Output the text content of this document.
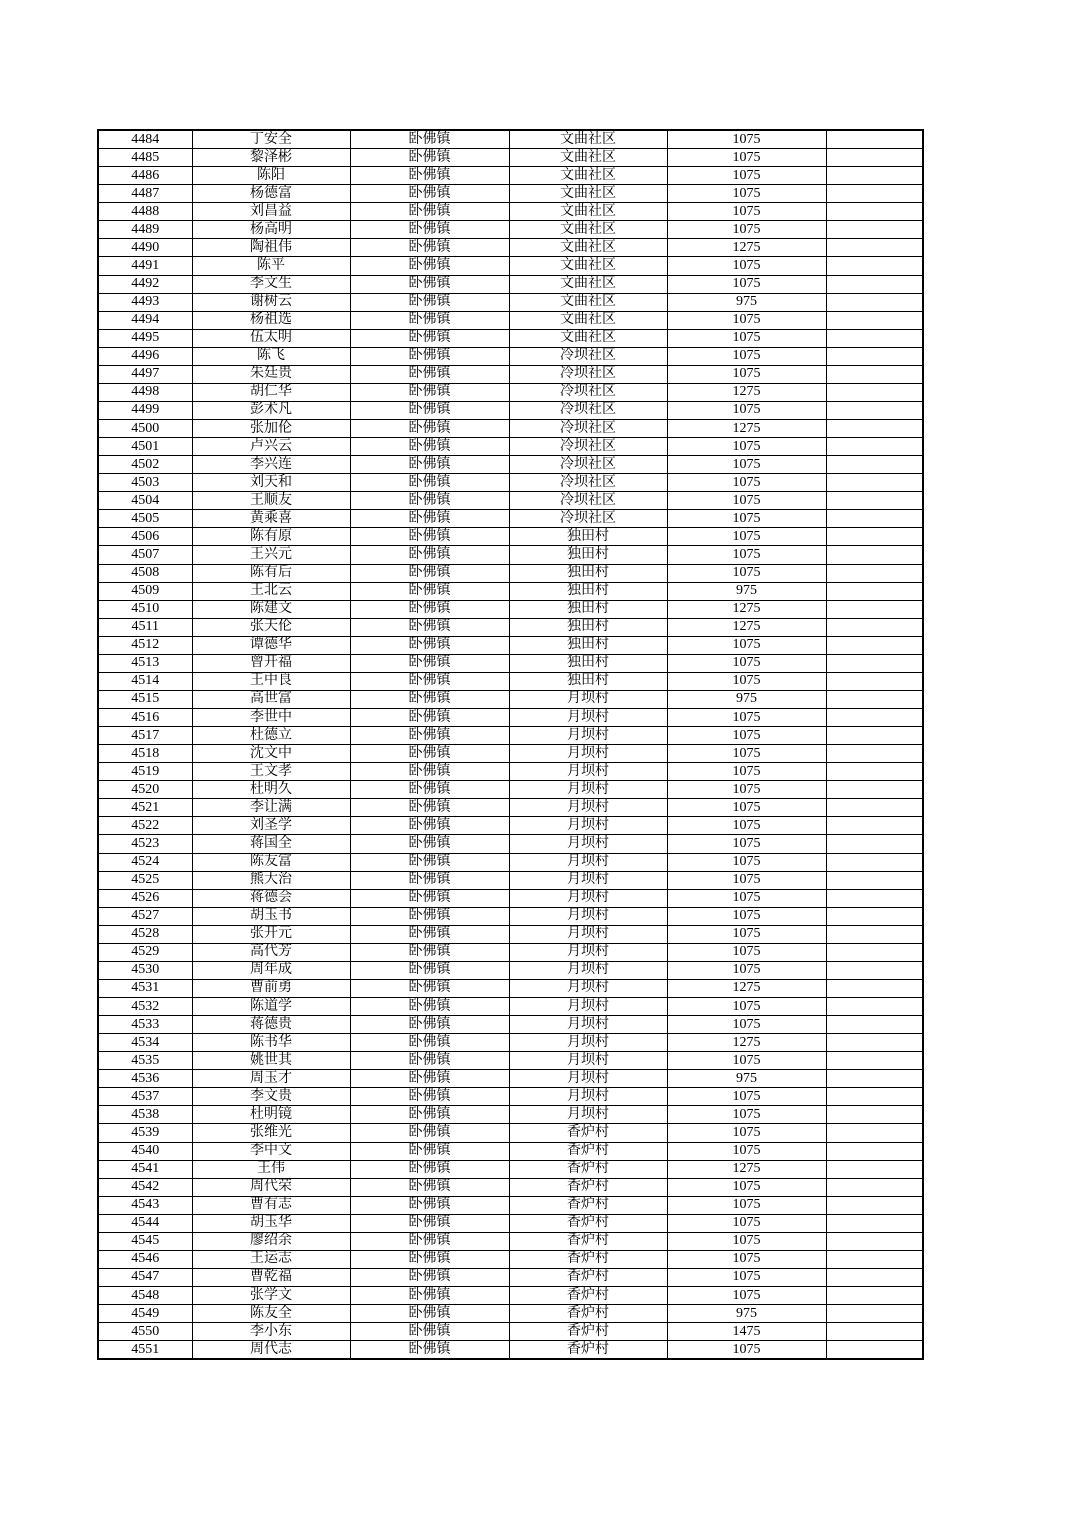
4484	丁安全	卧佛镇	文曲社区	1075	
4485	黎泽彬	卧佛镇	文曲社区	1075	
4486	陈阳	卧佛镇	文曲社区	1075	
4487	杨德富	卧佛镇	文曲社区	1075	
4488	刘昌益	卧佛镇	文曲社区	1075	
4489	杨高明	卧佛镇	文曲社区	1075	
4490	陶祖伟	卧佛镇	文曲社区	1275	
4491	陈平	卧佛镇	文曲社区	1075	
4492	李文生	卧佛镇	文曲社区	1075	
4493	谢树云	卧佛镇	文曲社区	975	
4494	杨祖选	卧佛镇	文曲社区	1075	
4495	伍太明	卧佛镇	文曲社区	1075	
4496	陈飞	卧佛镇	冷坝社区	1075	
4497	朱廷贵	卧佛镇	冷坝社区	1075	
4498	胡仁华	卧佛镇	冷坝社区	1275	
4499	彭术凡	卧佛镇	冷坝社区	1075	
4500	张加伦	卧佛镇	冷坝社区	1275	
4501	卢兴云	卧佛镇	冷坝社区	1075	
4502	李兴连	卧佛镇	冷坝社区	1075	
4503	刘天和	卧佛镇	冷坝社区	1075	
4504	王顺友	卧佛镇	冷坝社区	1075	
4505	黄乘喜	卧佛镇	冷坝社区	1075	
4506	陈有原	卧佛镇	独田村	1075	
4507	王兴元	卧佛镇	独田村	1075	
4508	陈有后	卧佛镇	独田村	1075	
4509	王北云	卧佛镇	独田村	975	
4510	陈建文	卧佛镇	独田村	1275	
4511	张天伦	卧佛镇	独田村	1275	
4512	谭德华	卧佛镇	独田村	1075	
4513	曾开福	卧佛镇	独田村	1075	
4514	王中良	卧佛镇	独田村	1075	
4515	高世富	卧佛镇	月坝村	975	
4516	李世中	卧佛镇	月坝村	1075	
4517	杜德立	卧佛镇	月坝村	1075	
4518	沈文中	卧佛镇	月坝村	1075	
4519	王文孝	卧佛镇	月坝村	1075	
4520	杜明久	卧佛镇	月坝村	1075	
4521	李让满	卧佛镇	月坝村	1075	
4522	刘圣学	卧佛镇	月坝村	1075	
4523	蒋国全	卧佛镇	月坝村	1075	
4524	陈友富	卧佛镇	月坝村	1075	
4525	熊大治	卧佛镇	月坝村	1075	
4526	蒋德会	卧佛镇	月坝村	1075	
4527	胡玉书	卧佛镇	月坝村	1075	
4528	张开元	卧佛镇	月坝村	1075	
4529	高代芳	卧佛镇	月坝村	1075	
4530	周年成	卧佛镇	月坝村	1075	
4531	曹前勇	卧佛镇	月坝村	1275	
4532	陈道学	卧佛镇	月坝村	1075	
4533	蒋德贵	卧佛镇	月坝村	1075	
4534	陈书华	卧佛镇	月坝村	1275	
4535	姚世其	卧佛镇	月坝村	1075	
4536	周玉才	卧佛镇	月坝村	975	
4537	李文贵	卧佛镇	月坝村	1075	
4538	杜明镜	卧佛镇	月坝村	1075	
4539	张维光	卧佛镇	香炉村	1075	
4540	李中文	卧佛镇	香炉村	1075	
4541	王伟	卧佛镇	香炉村	1275	
4542	周代荣	卧佛镇	香炉村	1075	
4543	曹有志	卧佛镇	香炉村	1075	
4544	胡玉华	卧佛镇	香炉村	1075	
4545	廖绍余	卧佛镇	香炉村	1075	
4546	王运志	卧佛镇	香炉村	1075	
4547	曹乾福	卧佛镇	香炉村	1075	
4548	张学文	卧佛镇	香炉村	1075	
4549	陈友全	卧佛镇	香炉村	975	
4550	李小东	卧佛镇	香炉村	1475	
4551	周代志	卧佛镇	香炉村	1075	
